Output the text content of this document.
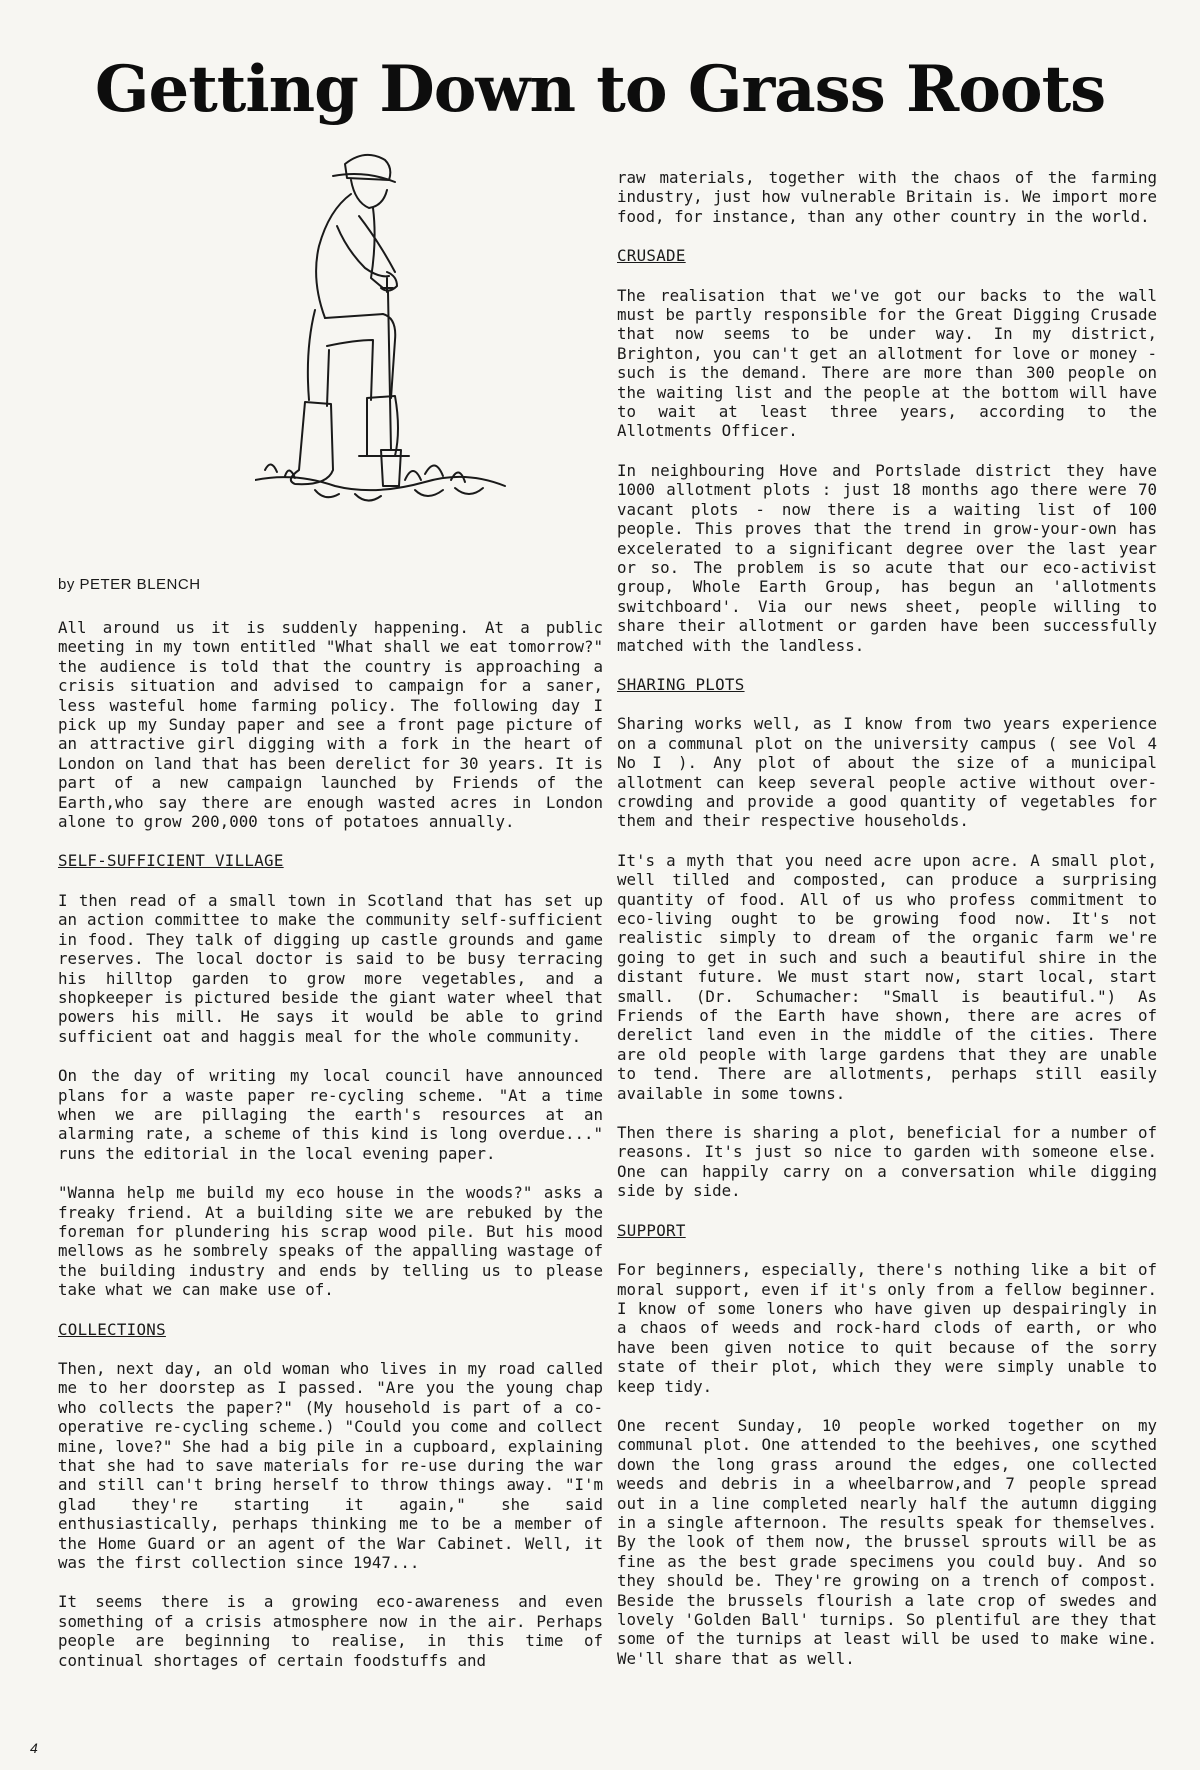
Getting Down to Grass Roots
by PETER BLENCH

All around us it is suddenly happening. At a public meeting in my town entitled "What shall we eat tomorrow?" the audience is told that the country is approaching a crisis situation and advised to campaign for a saner, less wasteful home farming policy. The following day I pick up my Sunday paper and see a front page picture of an attractive girl digging with a fork in the heart of London on land that has been derelict for 30 years. It is part of a new campaign launched by Friends of the Earth,who say there are enough wasted acres in London alone to grow 200,000 tons of potatoes annually.

SELF-SUFFICIENT VILLAGE

I then read of a small town in Scotland that has set up an action committee to make the community self-sufficient in food. They talk of digging up castle grounds and game reserves. The local doctor is said to be busy terracing his hilltop garden to grow more vegetables, and a shopkeeper is pictured beside the giant water wheel that powers his mill. He says it would be able to grind sufficient oat and haggis meal for the whole community.

On the day of writing my local council have announced plans for a waste paper re-cycling scheme. "At a time when we are pillaging the earth's resources at an alarming rate, a scheme of this kind is long overdue..." runs the editorial in the local evening paper.

"Wanna help me build my eco house in the woods?" asks a freaky friend. At a building site we are rebuked by the foreman for plundering his scrap wood pile. But his mood mellows as he sombrely speaks of the appalling wastage of the building industry and ends by telling us to please take what we can make use of.

COLLECTIONS

Then, next day, an old woman who lives in my road called me to her doorstep as I passed. "Are you the young chap who collects the paper?" (My household is part of a co-operative re-cycling scheme.) "Could you come and collect mine, love?" She had a big pile in a cupboard, explaining that she had to save materials for re-use during the war and still can't bring herself to throw things away. "I'm glad they're starting it again," she said enthusiastically, perhaps thinking me to be a member of the Home Guard or an agent of the War Cabinet. Well, it was the first collection since 1947...

It seems there is a growing eco-awareness and even something of a crisis atmosphere now in the air. Perhaps people are beginning to realise, in this time of continual shortages of certain foodstuffs and

raw materials, together with the chaos of the farming industry, just how vulnerable Britain is. We import more food, for instance, than any other country in the world.

CRUSADE

The realisation that we've got our backs to the wall must be partly responsible for the Great Digging Crusade that now seems to be under way. In my district, Brighton, you can't get an allotment for love or money - such is the demand. There are more than 300 people on the waiting list and the people at the bottom will have to wait at least three years, according to the Allotments Officer.

In neighbouring Hove and Portslade district they have 1000 allotment plots : just 18 months ago there were 70 vacant plots - now there is a waiting list of 100 people. This proves that the trend in grow-your-own has excelerated to a significant degree over the last year or so. The problem is so acute that our eco-activist group, Whole Earth Group, has begun an 'allotments switchboard'. Via our news sheet, people willing to share their allotment or garden have been successfully matched with the landless.

SHARING PLOTS

Sharing works well, as I know from two years experience on a communal plot on the university campus ( see Vol 4 No I ). Any plot of about the size of a municipal allotment can keep several people active without over-crowding and provide a good quantity of vegetables for them and their respective households.

It's a myth that you need acre upon acre. A small plot, well tilled and composted, can produce a surprising quantity of food. All of us who profess commitment to eco-living ought to be growing food now. It's not realistic simply to dream of the organic farm we're going to get in such and such a beautiful shire in the distant future. We must start now, start local, start small. (Dr. Schumacher: "Small is beautiful.") As Friends of the Earth have shown, there are acres of derelict land even in the middle of the cities. There are old people with large gardens that they are unable to tend. There are allotments, perhaps still easily available in some towns.

Then there is sharing a plot, beneficial for a number of reasons. It's just so nice to garden with someone else. One can happily carry on a conversation while digging side by side.

SUPPORT

For beginners, especially, there's nothing like a bit of moral support, even if it's only from a fellow beginner. I know of some loners who have given up despairingly in a chaos of weeds and rock-hard clods of earth, or who have been given notice to quit because of the sorry state of their plot, which they were simply unable to keep tidy.

One recent Sunday, 10 people worked together on my communal plot. One attended to the beehives, one scythed down the long grass around the edges, one collected weeds and debris in a wheelbarrow,and 7 people spread out in a line completed nearly half the autumn digging in a single afternoon. The results speak for themselves. By the look of them now, the brussel sprouts will be as fine as the best grade specimens you could buy. And so they should be. They're growing on a trench of compost. Beside the brussels flourish a late crop of swedes and lovely 'Golden Ball' turnips. So plentiful are they that some of the turnips at least will be used to make wine. We'll share that as well.

4
